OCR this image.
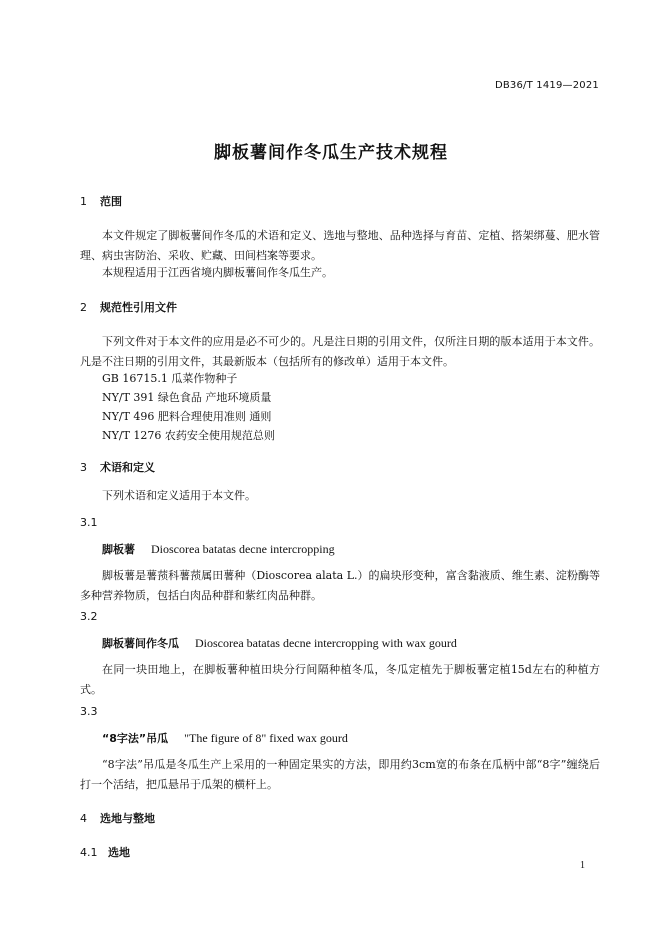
DB36/T 1419—2021
脚板薯间作冬瓜生产技术规程
1 范围
本文件规定了脚板薯间作冬瓜的术语和定义、选地与整地、品种选择与育苗、定植、搭架绑蔓、肥水管理、病虫害防治、采收、贮藏、田间档案等要求。
本规程适用于江西省境内脚板薯间作冬瓜生产。
2 规范性引用文件
下列文件对于本文件的应用是必不可少的。凡是注日期的引用文件，仅所注日期的版本适用于本文件。凡是不注日期的引用文件，其最新版本（包括所有的修改单）适用于本文件。
GB 16715.1 瓜菜作物种子
NY/T 391 绿色食品 产地环境质量
NY/T 496 肥料合理使用准则 通则
NY/T 1276 农药安全使用规范总则
3 术语和定义
下列术语和定义适用于本文件。
3.1
脚板薯 Dioscorea batatas decne intercropping
脚板薯是薯蓣科薯蓣属田薯种（Dioscorea alata L.）的扁块形变种，富含黏液质、维生素、淀粉酶等多种营养物质，包括白肉品种群和紫红肉品种群。
3.2
脚板薯间作冬瓜 Dioscorea batatas decne intercropping with wax gourd
在同一块田地上，在脚板薯种植田块分行间隔种植冬瓜，冬瓜定植先于脚板薯定植15d左右的种植方式。
3.3
“8字法”吊瓜 "The figure of 8" fixed wax gourd
“8字法”吊瓜是冬瓜生产上采用的一种固定果实的方法，即用约3cm宽的布条在瓜柄中部“8字”缠绕后打一个活结，把瓜悬吊于瓜架的横杆上。
4 选地与整地
4.1 选地
1
